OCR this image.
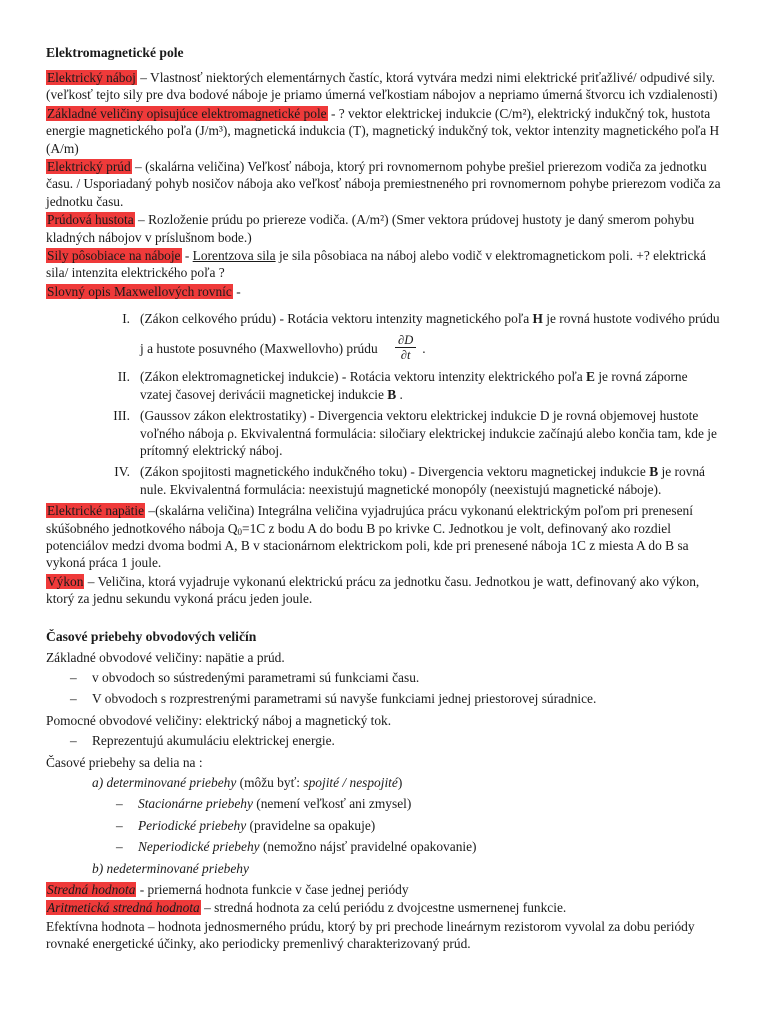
Elektromagnetické pole

Elektrický náboj – Vlastnosť niektorých elementárnych častíc, ktorá vytvára medzi nimi elektrické priťažlivé/ odpudivé sily. (veľkosť tejto sily pre dva bodové náboje je priamo úmerná veľkostiam nábojov a nepriamo úmerná štvorcu ich vzdialenosti)

Základné veličiny opisujúce elektromagnetické pole - ? vektor elektrickej indukcie (C/m²), elektrický indukčný tok, hustota energie magnetického poľa (J/m³), magnetická indukcia (T), magnetický indukčný tok, vektor intenzity magnetického poľa H (A/m)

Elektrický prúd – (skalárna veličina) Veľkosť náboja, ktorý pri rovnomernom pohybe prešiel prierezom vodiča za jednotku času. / Usporiadaný pohyb nosičov náboja ako veľkosť náboja premiestneného pri rovnomernom pohybe prierezom vodiča za jednotku času.

Prúdová hustota – Rozloženie prúdu po priereze vodiča. (A/m²) (Smer vektora prúdovej hustoty je daný smerom pohybu kladných nábojov v príslušnom bode.)

Sily pôsobiace na náboje - Lorentzova sila je sila pôsobiaca na náboj alebo vodič v elektromagnetickom poli. +? elektrická sila/ intenzita elektrického poľa ?

Slovný opis Maxwellových rovníc -

I. (Zákon celkového prúdu) - Rotácia vektoru intenzity magnetického poľa H je rovná hustote vodivého prúdu j a hustote posuvného (Maxwellovho) prúdu $\frac{\partial D}{\partial t}$ .
II. (Zákon elektromagnetickej indukcie) - Rotácia vektoru intenzity elektrického poľa E je rovná záporne vzatej časovej derivácii magnetickej indukcie B .
III. (Gaussov zákon elektrostatiky) - Divergencia vektoru elektrickej indukcie D je rovná objemovej hustote voľného náboja ρ. Ekvivalentná formulácia: siločiary elektrickej indukcie začínajú alebo končia tam, kde je prítomný elektrický náboj.
IV. (Zákon spojitosti magnetického indukčného toku) - Divergencia vektoru magnetickej indukcie B je rovná nule. Ekvivalentná formulácia: neexistujú magnetické monopóly (neexistujú magnetické náboje).

Elektrické napätie –(skalárna veličina) Integrálna veličina vyjadrujúca prácu vykonanú elektrickým poľom pri prenesení skúšobného jednotkového náboja $Q_0=1C$ z bodu A do bodu B po krivke C. Jednotkou je volt, definovaný ako rozdiel potenciálov medzi dvoma bodmi A, B v stacionárnom elektrickom poli, kde pri prenesené náboja 1C z miesta A do B sa vykoná práca 1 joule.

Výkon – Veličina, ktorá vyjadruje vykonanú elektrickú prácu za jednotku času. Jednotkou je watt, definovaný ako výkon, ktorý za jednu sekundu vykoná prácu jeden joule.

Časové priebehy obvodových veličín

Základné obvodové veličiny: napätie a prúd.

– v obvodoch so sústredenými parametrami sú funkciami času.
– V obvodoch s rozprestrenými parametrami sú navyše funkciami jednej priestorovej súradnice.

Pomocné obvodové veličiny: elektrický náboj a magnetický tok.

– Reprezentujú akumuláciu elektrickej energie.

Časové priebehy sa delia na :

a) determinované priebehy (môžu byť: spojité / nespojité)

– Stacionárne priebehy (nemení veľkosť ani zmysel)
– Periodické priebehy (pravidelne sa opakuje)
– Neperiodické priebehy (nemožno nájsť pravidelné opakovanie)

b) nedeterminované priebehy

Stredná hodnota - priemerná hodnota funkcie v čase jednej periódy

Aritmetická stredná hodnota – stredná hodnota za celú periódu z dvojcestne usmernenej funkcie.

Efektívna hodnota – hodnota jednosmerného prúdu, ktorý by pri prechode lineárnym rezistorom vyvolal za dobu periódy rovnaké energetické účinky, ako periodicky premenlivý charakterizovaný prúd.
